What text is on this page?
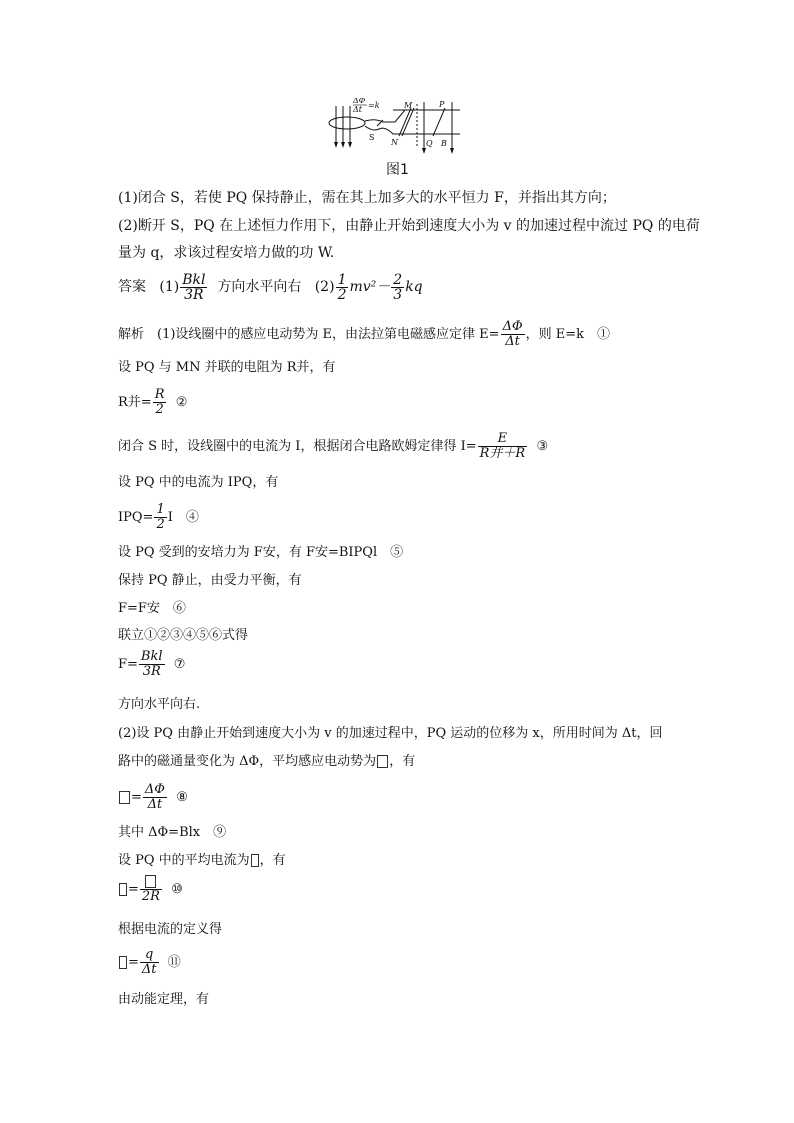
ΔΦ
Δt =k
S
M
N
P
Q B
图1
(1)闭合 S，若使 PQ 保持静止，需在其上加多大的水平恒力 F，并指出其方向；
(2)断开 S，PQ 在上述恒力作用下，由静止开始到速度大小为 v 的加速过程中流过 PQ 的电荷
量为 q，求该过程安培力做的功 W.
答案 $(1) \frac{\text{Bkl}}{3R}$ 方向水平向右 $(2) \frac{1}{2} mv^2- \frac{2}{3}$ kq
解析　(1)设线圈中的感应电动势为 E，由法拉第电磁感应定律 $E= \frac{\Delta\Phi}{\Delta t}$ ，则 E=k　①
设 PQ 与 MN 并联的电阻为 R并，有
R并= $\frac{R}{2}$ ②
闭合 S 时，设线圈中的电流为 I，根据闭合电路欧姆定律得 $I= \frac{E}{\text{R并＋R}}$ ③
设 PQ 中的电流为 IPQ，有
$IPQ= \frac{1}{2}$ I　④
设 PQ 受到的安培力为 F安，有 F安=BIPQl　⑤
保持 PQ 静止，由受力平衡，有
F=F安　⑥
联立①②③④⑤⑥式得
$F= \frac{\text{Bkl}}{3R}$ ⑦
方向水平向右.
(2)设 PQ 由静止开始到速度大小为 v 的加速过程中，PQ 运动的位移为 x，所用时间为 Δt，回
路中的磁通量变化为 ΔΦ，平均感应电动势为 ，有
= $\frac{\Delta\Phi}{\Delta t}$ ⑧
其中 ΔΦ=Blx　⑨
设 PQ 中的平均电流为 ，有
= 2R ⑩
根据电流的定义得
= $\frac{q}{\Delta t}$ ⑪
由动能定理，有
